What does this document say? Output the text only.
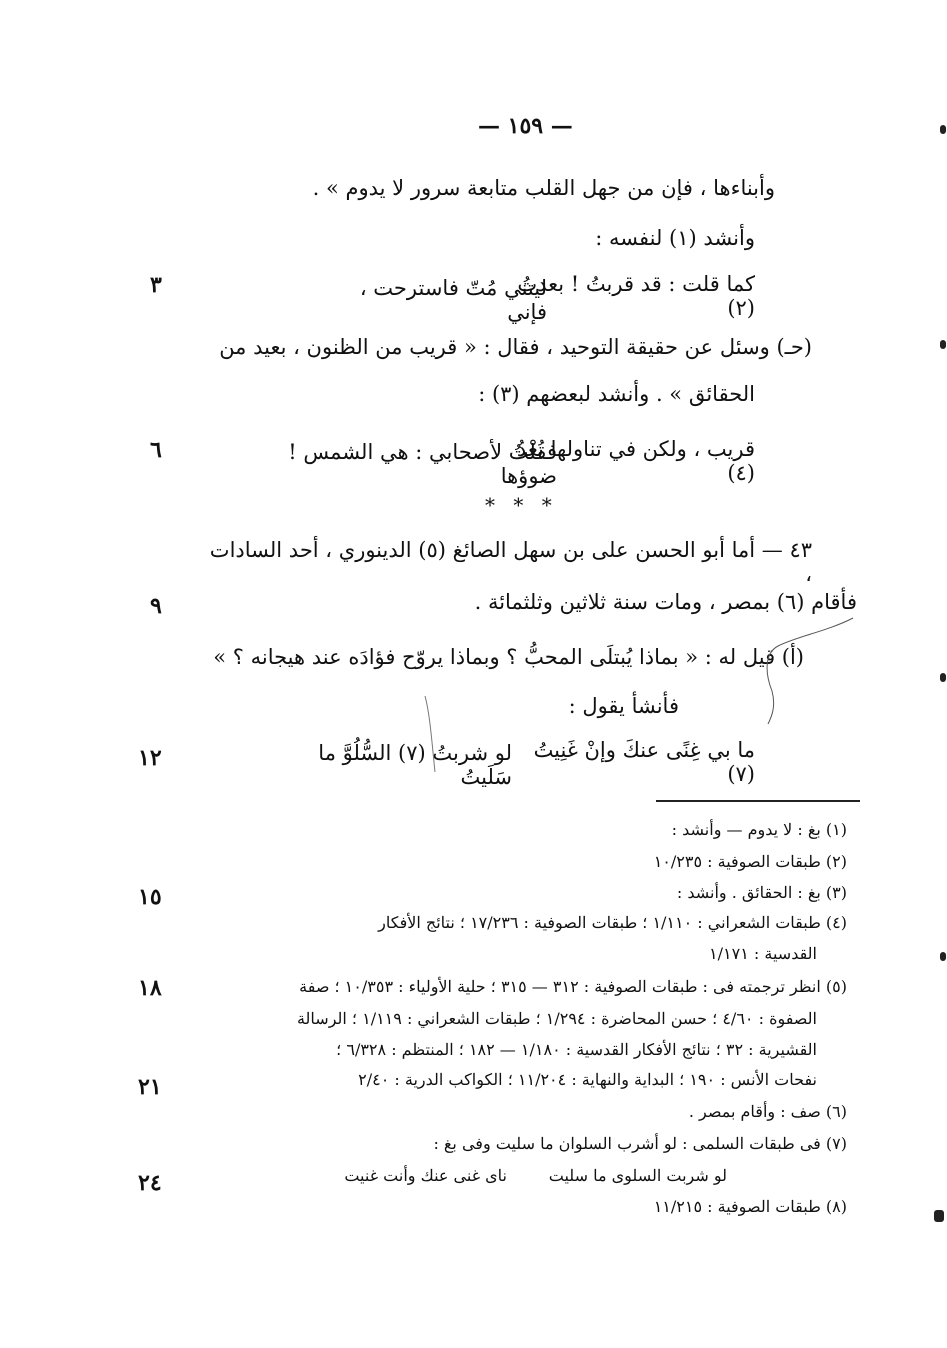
— ١٥٩ —
وأبناءها ، فإن من جهل القلب متابعة سرور لا يدوم » .
وأنشد (١) لنفسه :
ليتني مُتّ فاسترحت ، فإني
كما قلت : قد قربتُ ! بعدتُ (٢)
(حـ) وسئل عن حقيقة التوحيد ، فقال : « قريب من الظنون ، بعيد من
الحقائق » . وأنشد لبعضهم (٣) :
فقلتُ لأصحابي : هي الشمس ! ضوؤها
قريب ، ولكن في تناولها بُعْدُ (٤)
* * *
٤٣ — أما أبو الحسن على بن سهل الصائغ (٥) الدينوري ، أحد السادات ،
فأقام (٦) بمصر ، ومات سنة ثلاثين وثلثمائة .
(أ) قيل له : « بماذا يُبتلَى المحبُّ ؟ وبماذا يروّح فؤادَه عند هيجانه ؟ »
فأنشأ يقول :
لو شربتُ (٧) السُّلُوَّ ما سَلَيتُ
ما بي غِنًى عنكَ وإنْ غَنِيتُ (٧)
٣
٦
٩
١٢
١٥
١٨
٢١
٢٤
(١) بغ : لا يدوم — وأنشد :
(٢) طبقات الصوفية : ١٠/٢٣٥
(٣) بغ : الحقائق . وأنشد :
(٤) طبقات الشعراني : ١/١١٠ ؛ طبقات الصوفية : ١٧/٢٣٦ ؛ نتائج الأفكار
القدسية : ١/١٧١
(٥) انظر ترجمته فى : طبقات الصوفية : ٣١٢ — ٣١٥ ؛ حلية الأولياء : ١٠/٣٥٣ ؛ صفة
الصفوة : ٤/٦٠ ؛ حسن المحاضرة : ١/٢٩٤ ؛ طبقات الشعراني : ١/١١٩ ؛ الرسالة
القشيرية : ٣٢ ؛ نتائج الأفكار القدسية : ١/١٨٠ — ١٨٢ ؛ المنتظم : ٦/٣٢٨ ؛
نفحات الأنس : ١٩٠ ؛ البداية والنهاية : ١١/٢٠٤ ؛ الكواكب الدرية : ٢/٤٠
(٦) صف : وأقام بمصر .
(٧) فى طبقات السلمى : لو أشرب السلوان ما سليت وفى بغ :
لو شربت السلوى ما سليت
ناى غنى عنك وأنت غنيت
(٨) طبقات الصوفية : ١١/٢١٥
